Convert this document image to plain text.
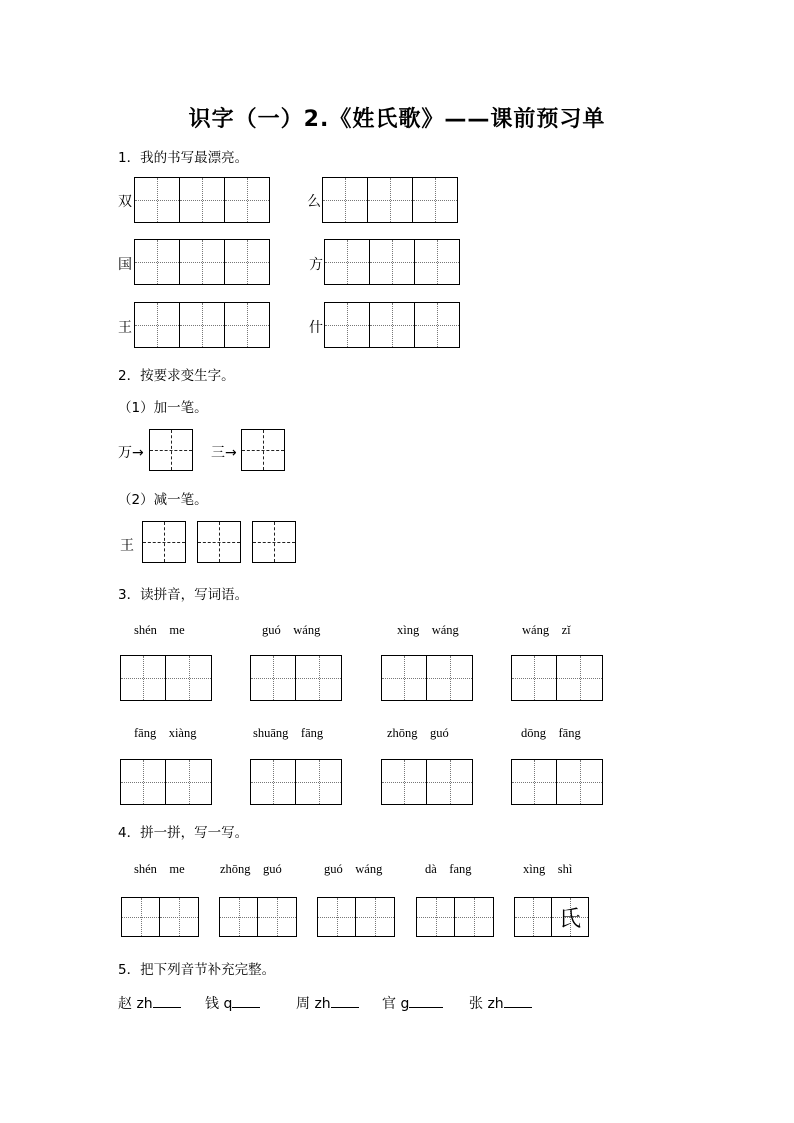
识字（一）2.《姓氏歌》——课前预习单
1．我的书写最漂亮。
双	么
国	方
王	什
2．按要求变生字。
（1）加一笔。
万→	三→
（2）减一笔。
王
3．读拼音，写词语。
shén　me	guó　wáng	xìng　wáng	wáng　zǐ
fāng　xiàng	shuāng　fāng	zhōng　guó	dōng　fāng
4．拼一拼，写一写。
shén　me	zhōng　guó	guó　wáng	dà　fang	xìng　shì
氏
5．把下列音节补充完整。
赵 zh	钱 q	周 zh	官 g	张 zh
